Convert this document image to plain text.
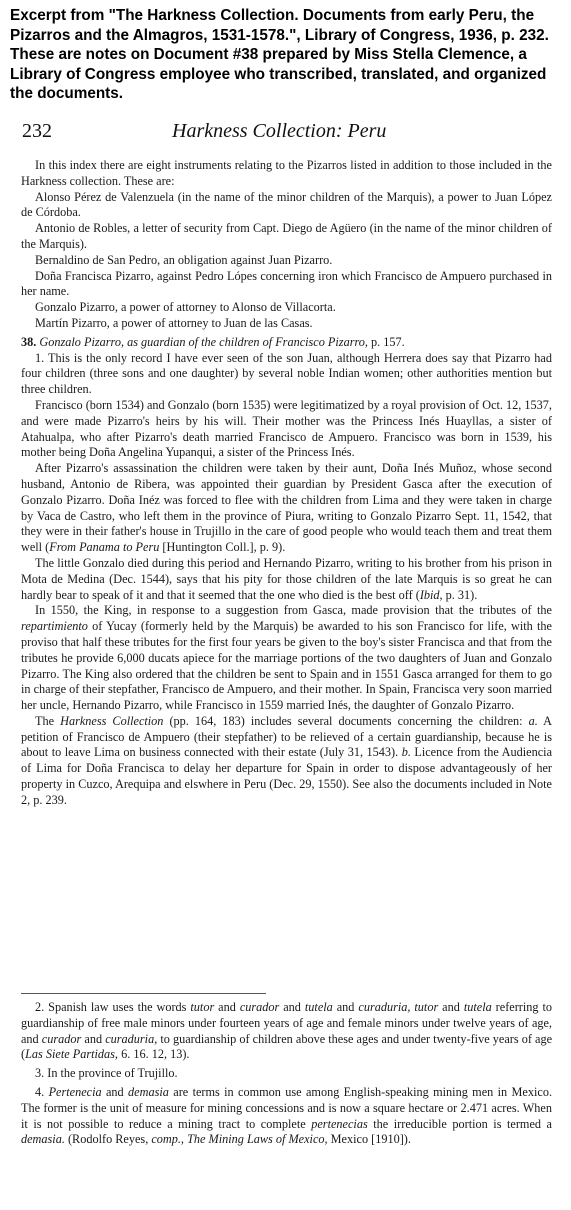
Excerpt from "The Harkness Collection. Documents from early Peru, the Pizarros and the Almagros, 1531-1578.", Library of Congress, 1936, p. 232. These are notes on Document #38 prepared by Miss Stella Clemence, a Library of Congress employee who transcribed, translated, and organized the documents.
232	Harkness Collection: Peru

In this index there are eight instruments relating to the Pizarros listed in addition to those included in the Harkness collection. These are:

Alonso Pérez de Valenzuela (in the name of the minor children of the Marquis), a power to Juan López de Córdoba.

Antonio de Robles, a letter of security from Capt. Diego de Agüero (in the name of the minor children of the Marquis).

Bernaldino de San Pedro, an obligation against Juan Pizarro.

Doña Francisca Pizarro, against Pedro Lópes concerning iron which Francisco de Ampuero purchased in her name.

Gonzalo Pizarro, a power of attorney to Alonso de Villacorta.

Martín Pizarro, a power of attorney to Juan de las Casas.

38. Gonzalo Pizarro, as guardian of the children of Francisco Pizarro, p. 157.

1. This is the only record I have ever seen of the son Juan, although Herrera does say that Pizarro had four children (three sons and one daughter) by several noble Indian women; other authorities mention but three children.

Francisco (born 1534) and Gonzalo (born 1535) were legitimatized by a royal provision of Oct. 12, 1537, and were made Pizarro's heirs by his will. Their mother was the Princess Inés Huayllas, a sister of Atahualpa, who after Pizarro's death married Francisco de Ampuero. Francisco was born in 1539, his mother being Doña Angelina Yupanqui, a sister of the Princess Inés.

After Pizarro's assassination the children were taken by their aunt, Doña Inés Muñoz, whose second husband, Antonio de Ribera, was appointed their guardian by President Gasca after the execution of Gonzalo Pizarro. Doña Inéz was forced to flee with the children from Lima and they were taken in charge by Vaca de Castro, who left them in the province of Piura, writing to Gonzalo Pizarro Sept. 11, 1542, that they were in their father's house in Trujillo in the care of good people who would teach them and treat them well (From Panama to Peru [Huntington Coll.], p. 9).

The little Gonzalo died during this period and Hernando Pizarro, writing to his brother from his prison in Mota de Medina (Dec. 1544), says that his pity for those children of the late Marquis is so great he can hardly bear to speak of it and that it seemed that the one who died is the best off (Ibid, p. 31).

In 1550, the King, in response to a suggestion from Gasca, made provision that the tributes of the repartimiento of Yucay (formerly held by the Marquis) be awarded to his son Francisco for life, with the proviso that half these tributes for the first four years be given to the boy's sister Francisca and that from the tributes he provide 6,000 ducats apiece for the marriage portions of the two daughters of Juan and Gonzalo Pizarro. The King also ordered that the children be sent to Spain and in 1551 Gasca arranged for them to go in charge of their stepfather, Francisco de Ampuero, and their mother. In Spain, Francisca very soon married her uncle, Hernando Pizarro, while Francisco in 1559 married Inés, the daughter of Gonzalo Pizarro.

The Harkness Collection (pp. 164, 183) includes several documents concerning the children: a. A petition of Francisco de Ampuero (their stepfather) to be relieved of a certain guardianship, because he is about to leave Lima on business connected with their estate (July 31, 1543). b. Licence from the Audiencia of Lima for Doña Francisca to delay her departure for Spain in order to dispose advantageously of her property in Cuzco, Arequipa and elswhere in Peru (Dec. 29, 1550). See also the documents included in Note 2, p. 239.

2. Spanish law uses the words tutor and curador and tutela and curaduria, tutor and tutela referring to guardianship of free male minors under fourteen years of age and female minors under twelve years of age, and curador and curaduria, to guardianship of children above these ages and under twenty-five years of age (Las Siete Partidas, 6. 16. 12, 13).

3. In the province of Trujillo.

4. Pertenecia and demasia are terms in common use among English-speaking mining men in Mexico. The former is the unit of measure for mining concessions and is now a square hectare or 2.471 acres. When it is not possible to reduce a mining tract to complete pertenecias the irreducible portion is termed a demasia. (Rodolfo Reyes, comp., The Mining Laws of Mexico, Mexico [1910]).
